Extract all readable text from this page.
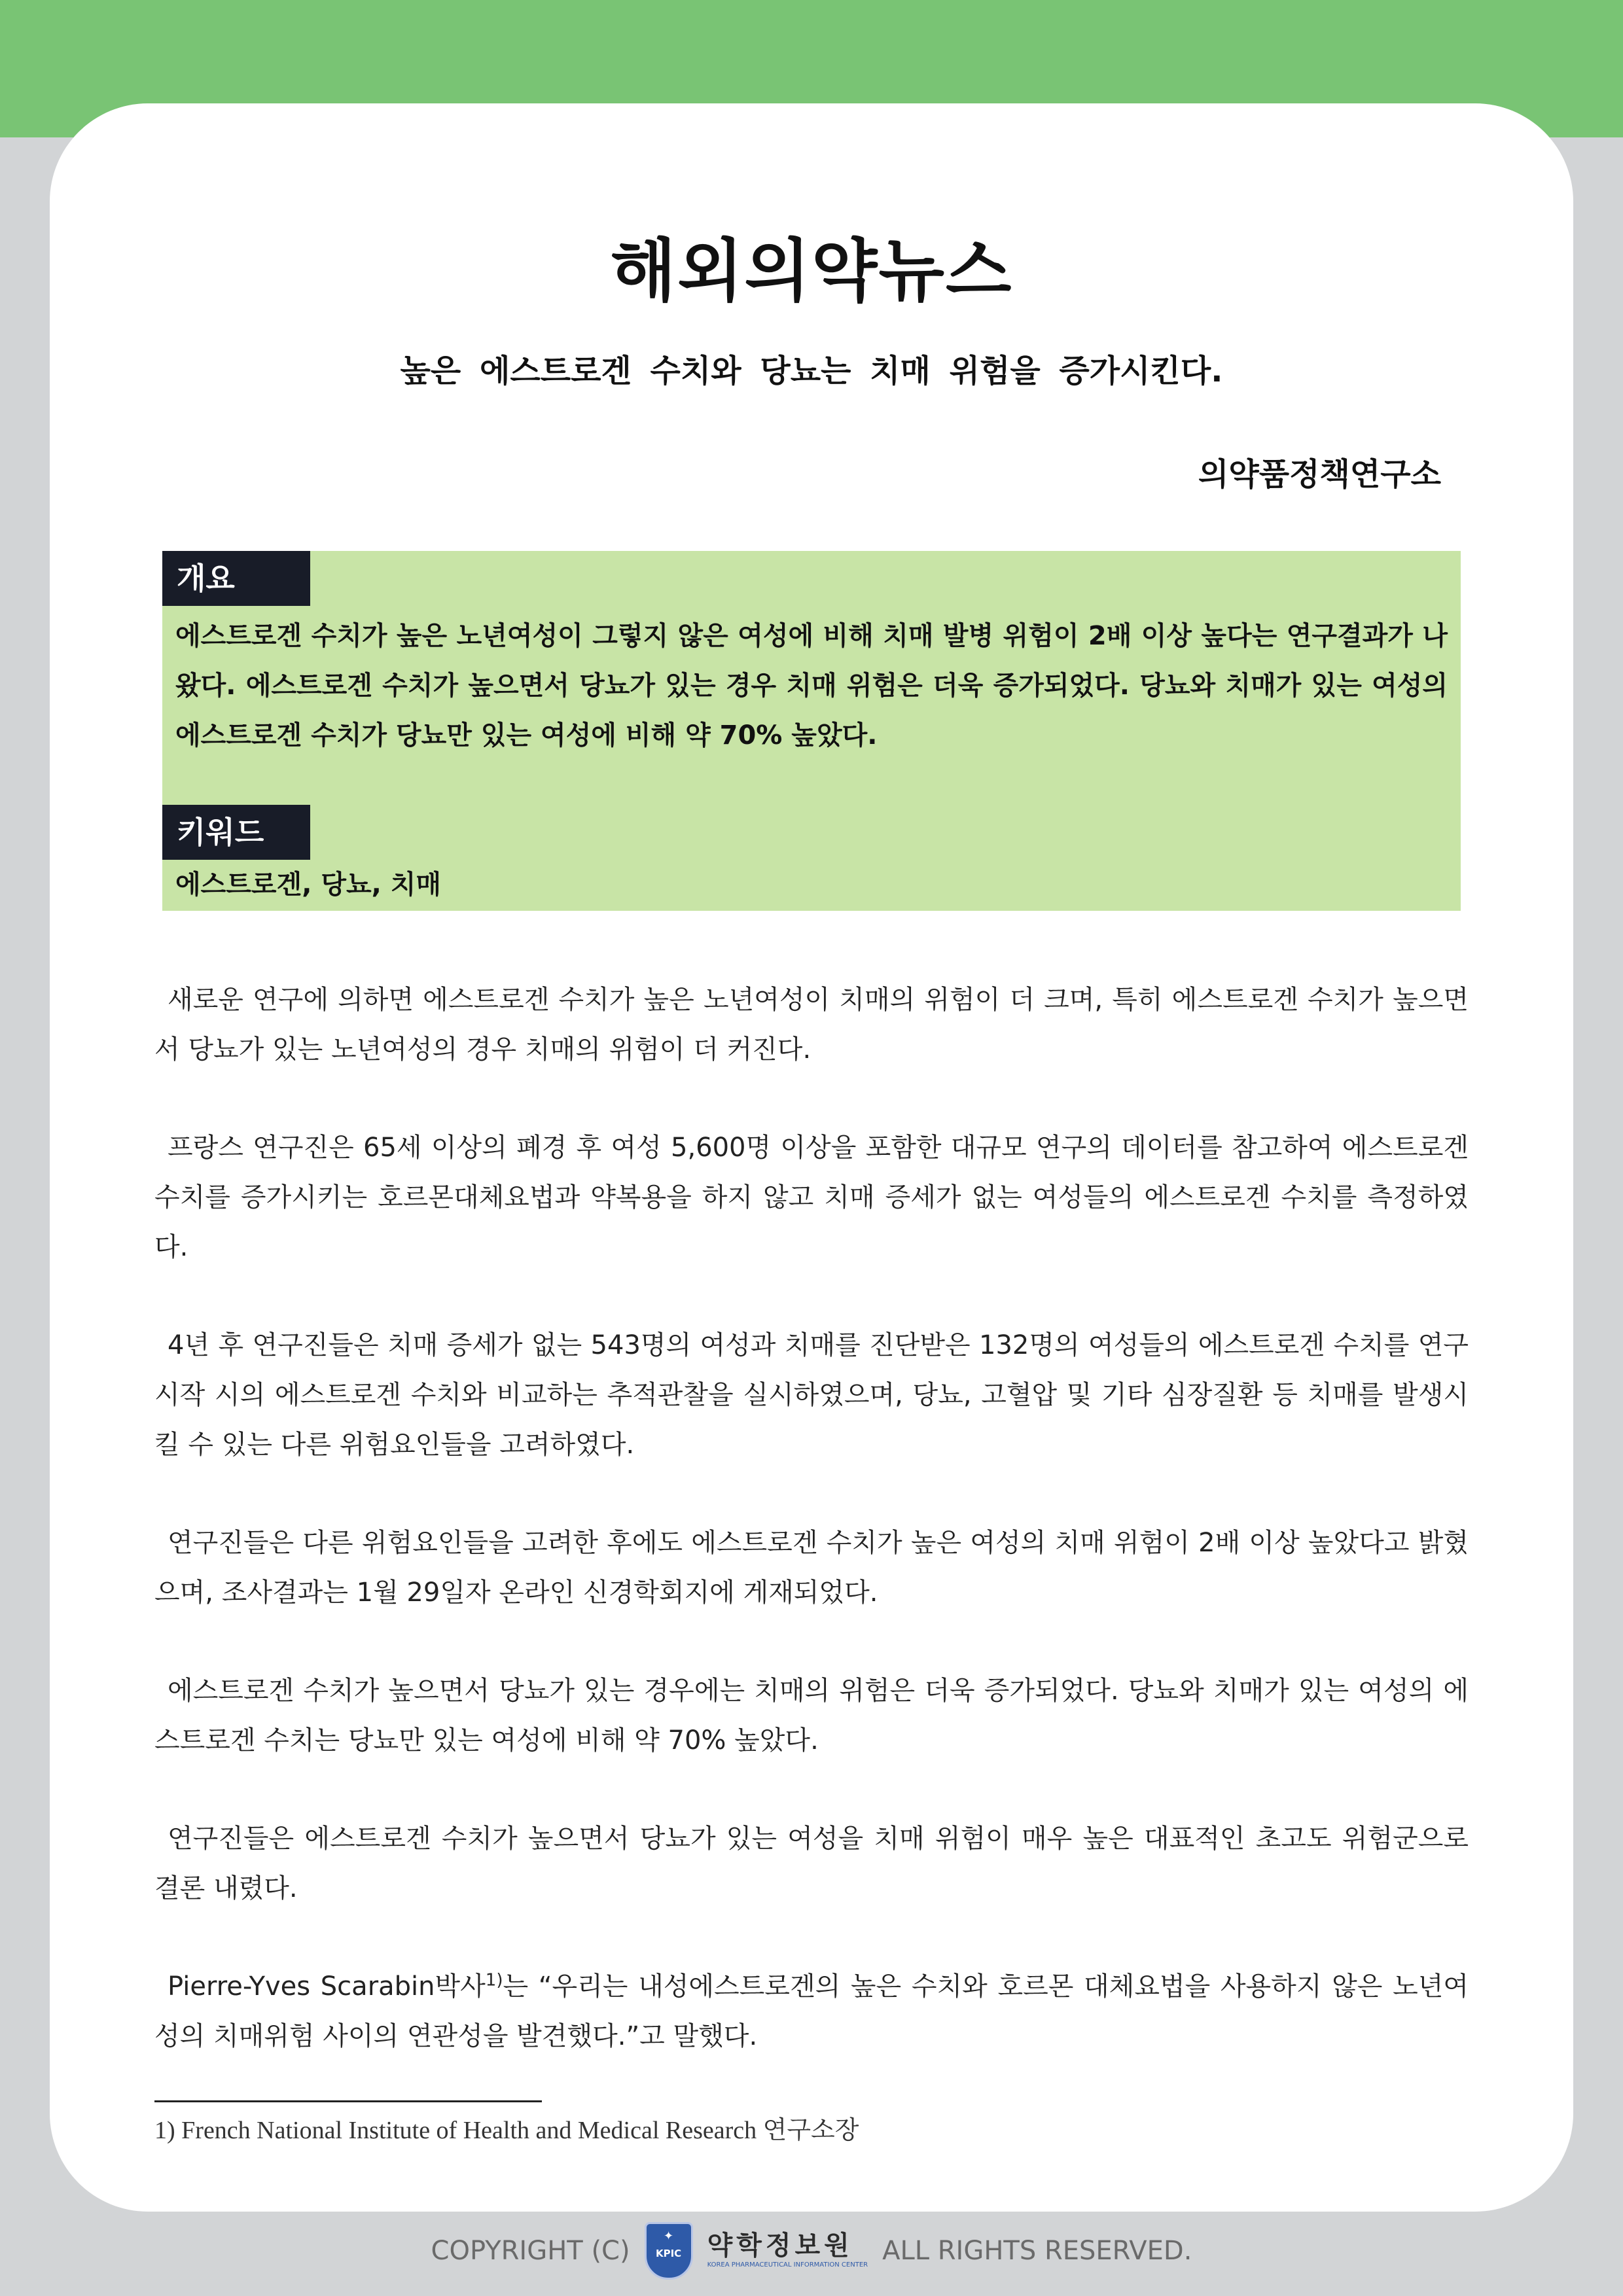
해외의약뉴스
높은 에스트로겐 수치와 당뇨는 치매 위험을 증가시킨다.
의약품정책연구소
개요
에스트로겐 수치가 높은 노년여성이 그렇지 않은 여성에 비해 치매 발병 위험이 2배 이상 높다는 연구결과가 나왔다. 에스트로겐 수치가 높으면서 당뇨가 있는 경우 치매 위험은 더욱 증가되었다. 당뇨와 치매가 있는 여성의 에스트로겐 수치가 당뇨만 있는 여성에 비해 약 70% 높았다.
키워드
에스트로겐, 당뇨, 치매

새로운 연구에 의하면 에스트로겐 수치가 높은 노년여성이 치매의 위험이 더 크며, 특히 에스트로겐 수치가 높으면서 당뇨가 있는 노년여성의 경우 치매의 위험이 더 커진다.

프랑스 연구진은 65세 이상의 폐경 후 여성 5,600명 이상을 포함한 대규모 연구의 데이터를 참고하여 에스트로겐 수치를 증가시키는 호르몬대체요법과 약복용을 하지 않고 치매 증세가 없는 여성들의 에스트로겐 수치를 측정하였다.

4년 후 연구진들은 치매 증세가 없는 543명의 여성과 치매를 진단받은 132명의 여성들의 에스트로겐 수치를 연구 시작 시의 에스트로겐 수치와 비교하는 추적관찰을 실시하였으며, 당뇨, 고혈압 및 기타 심장질환 등 치매를 발생시킬 수 있는 다른 위험요인들을 고려하였다.

연구진들은 다른 위험요인들을 고려한 후에도 에스트로겐 수치가 높은 여성의 치매 위험이 2배 이상 높았다고 밝혔으며, 조사결과는 1월 29일자 온라인 신경학회지에 게재되었다.

에스트로겐 수치가 높으면서 당뇨가 있는 경우에는 치매의 위험은 더욱 증가되었다. 당뇨와 치매가 있는 여성의 에스트로겐 수치는 당뇨만 있는 여성에 비해 약 70% 높았다.

연구진들은 에스트로겐 수치가 높으면서 당뇨가 있는 여성을 치매 위험이 매우 높은 대표적인 초고도 위험군으로 결론 내렸다.

Pierre-Yves Scarabin박사$^{1)}$는 “우리는 내성에스트로겐의 높은 수치와 호르몬 대체요법을 사용하지 않은 노년여성의 치매위험 사이의 연관성을 발견했다.”고 말했다.

1) French National Institute of Health and Medical Research 연구소장
COPYRIGHT (C)	✦
KPIC 약학정보원
KOREA PHARMACEUTICAL INFORMATION CENTER ALL RIGHTS RESERVED.
